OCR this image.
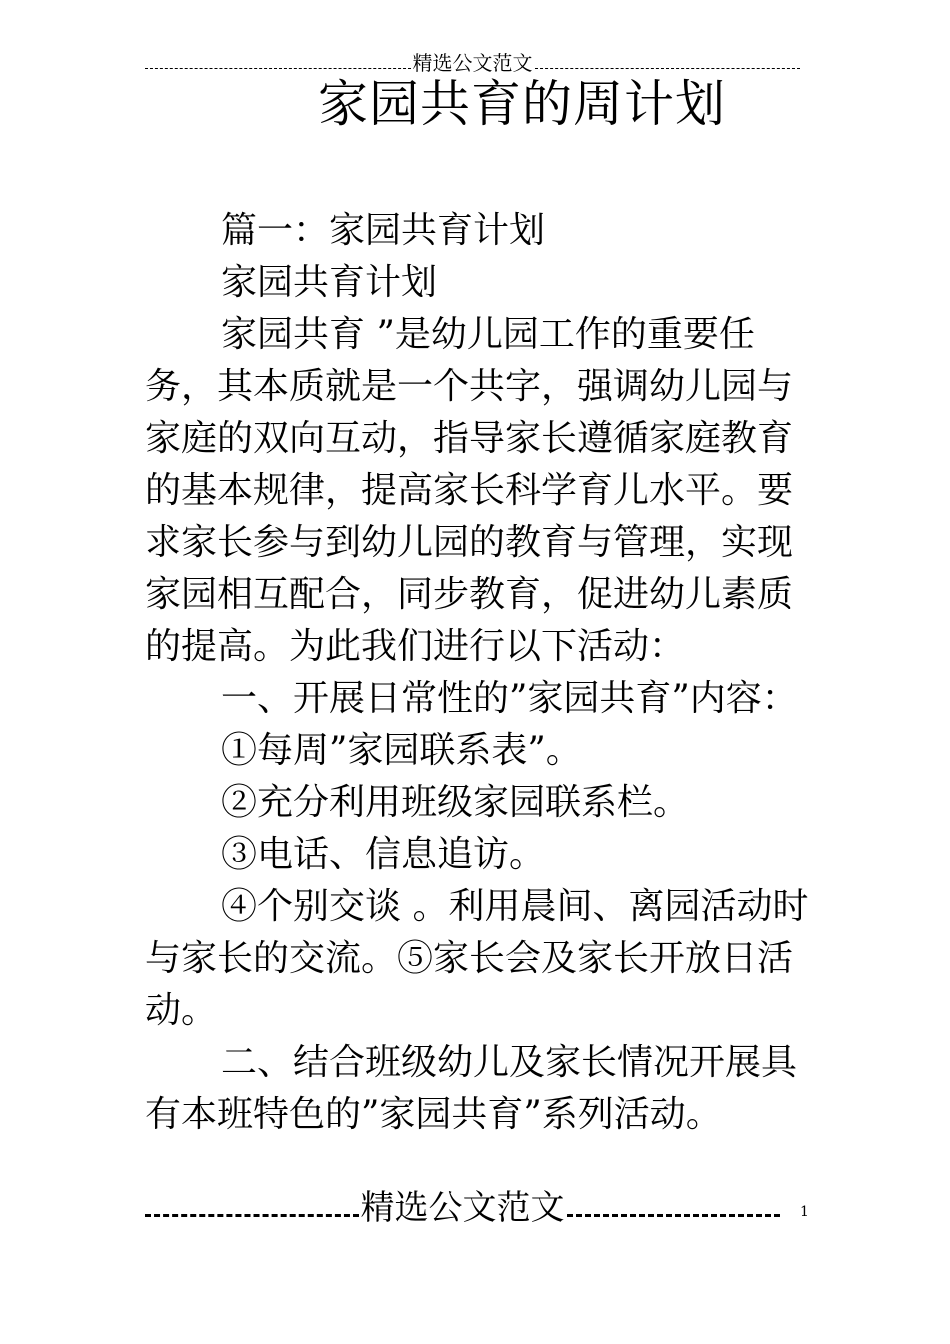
精选公文范文
家园共育的周计划

篇一：家园共育计划

家园共育计划

家园共育 ”是幼儿园工作的重要任务，其本质就是一个共字，强调幼儿园与家庭的双向互动，指导家长遵循家庭教育的基本规律，提高家长科学育儿水平。要求家长参与到幼儿园的教育与管理，实现家园相互配合，同步教育，促进幼儿素质的提高。为此我们进行以下活动：

一、开展日常性的”家园共育”内容：

①每周”家园联系表”。

②充分利用班级家园联系栏。

③电话、信息追访。

④个别交谈 。利用晨间、离园活动时与家长的交流。⑤家长会及家长开放日活动。

二、结合班级幼儿及家长情况开展具有本班特色的”家园共育”系列活动。

精选公文范文	1
